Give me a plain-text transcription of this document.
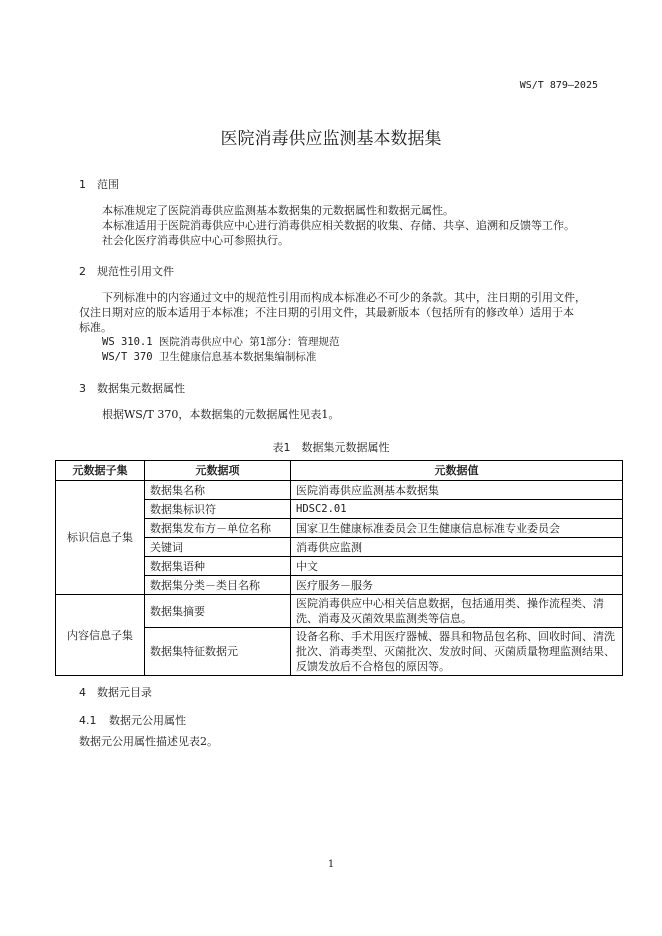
WS/T 879—2025
医院消毒供应监测基本数据集
1 范围
本标准规定了医院消毒供应监测基本数据集的元数据属性和数据元属性。
本标准适用于医院消毒供应中心进行消毒供应相关数据的收集、存储、共享、追溯和反馈等工作。
社会化医疗消毒供应中心可参照执行。
2 规范性引用文件
下列标准中的内容通过文中的规范性引用而构成本标准必不可少的条款。其中，注日期的引用文件，
仅注日期对应的版本适用于本标准；不注日期的引用文件，其最新版本（包括所有的修改单）适用于本
标准。
WS 310.1 医院消毒供应中心 第1部分：管理规范
WS/T 370 卫生健康信息基本数据集编制标准
3 数据集元数据属性
根据WS/T 370，本数据集的元数据属性见表1。
表1　数据集元数据属性
元数据子集	元数据项	元数据值
标识信息子集	数据集名称	医院消毒供应监测基本数据集
	数据集标识符	HDSC2.01
	数据集发布方－单位名称	国家卫生健康标准委员会卫生健康信息标准专业委员会
	关键词	消毒供应监测
	数据集语种	中文
	数据集分类－类目名称	医疗服务－服务
内容信息子集	数据集摘要	医院消毒供应中心相关信息数据，包括通用类、操作流程类、清洗、消毒及灭菌效果监测类等信息。
	数据集特征数据元	设备名称、手术用医疗器械、器具和物品包名称、回收时间、清洗批次、消毒类型、灭菌批次、发放时间、灭菌质量物理监测结果、反馈发放后不合格包的原因等。
4 数据元目录
4.1 数据元公用属性
数据元公用属性描述见表2。
1
